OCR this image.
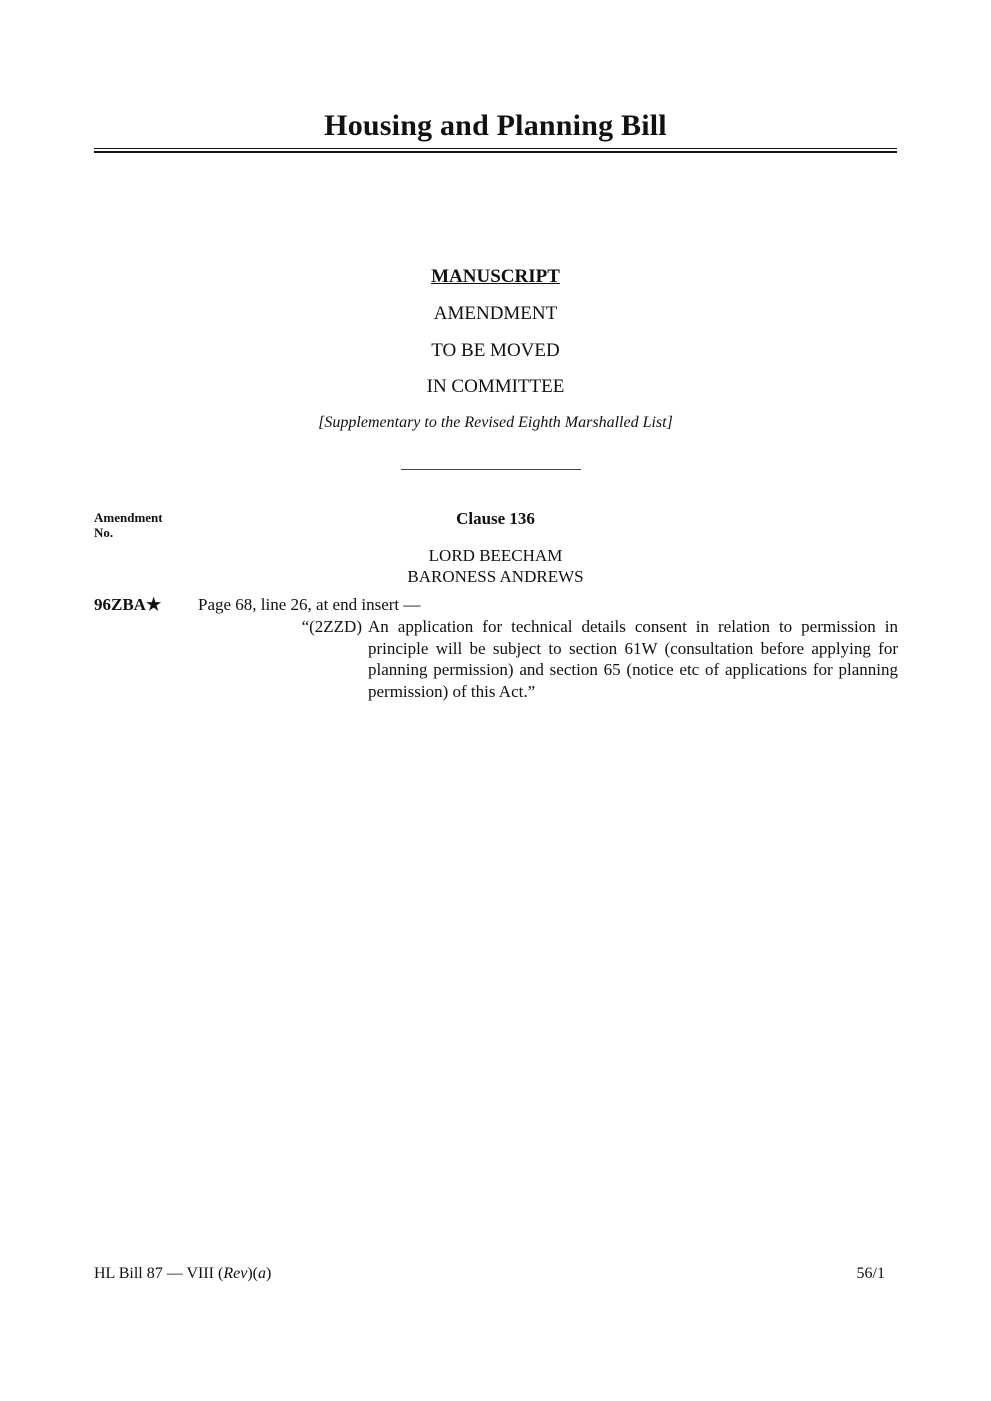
Housing and Planning Bill
MANUSCRIPT
AMENDMENT
TO BE MOVED
IN COMMITTEE
[Supplementary to the Revised Eighth Marshalled List]
Amendment
No.
Clause 136
LORD BEECHAM
BARONESS ANDREWS
96ZBA★ Page 68, line 26, at end insert —
“(2ZZD) An application for technical details consent in relation to permission in principle will be subject to section 61W (consultation before applying for planning permission) and section 65 (notice etc of applications for planning permission) of this Act.”
HL Bill 87 — VIII (Rev)(a)	56/1
